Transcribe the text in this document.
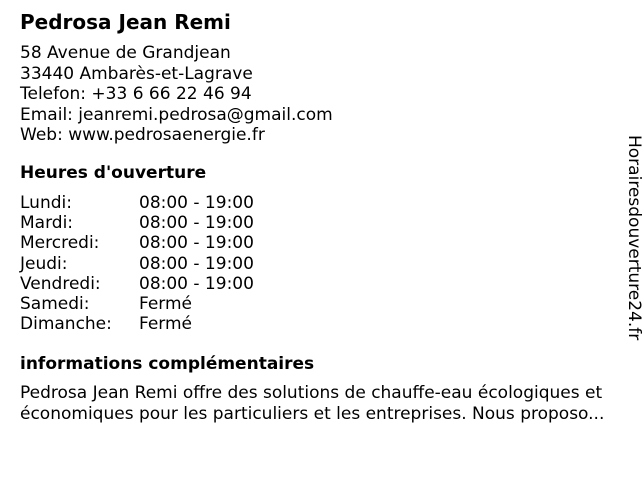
Pedrosa Jean Remi
58 Avenue de Grandjean
33440 Ambarès-et-Lagrave
Telefon: +33 6 66 22 46 94
Email: jeanremi.pedrosa@gmail.com
Web: www.pedrosaenergie.fr
Heures d'ouverture
Lundi:	08:00 - 19:00
Mardi:	08:00 - 19:00
Mercredi:	08:00 - 19:00
Jeudi:	08:00 - 19:00
Vendredi:	08:00 - 19:00
Samedi:	Fermé
Dimanche:	Fermé
informations complémentaires
Pedrosa Jean Remi offre des solutions de chauffe-eau écologiques et économiques pour les particuliers et les entreprises. Nous proposo...
Horairesdouverture24.fr
